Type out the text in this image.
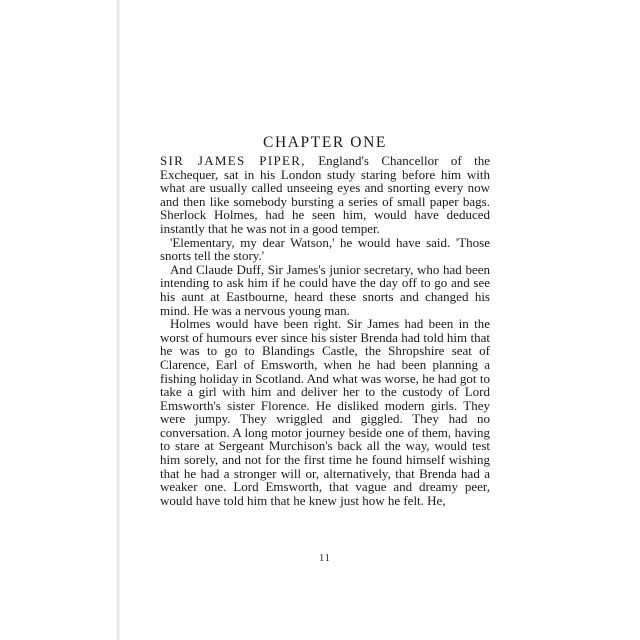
CHAPTER ONE

SIR JAMES PIPER, England's Chancellor of the Exchequer, sat in his London study staring before him with what are usually called unseeing eyes and snorting every now and then like somebody bursting a series of small paper bags. Sherlock Holmes, had he seen him, would have deduced instantly that he was not in a good temper.

'Elementary, my dear Watson,' he would have said. 'Those snorts tell the story.'

And Claude Duff, Sir James's junior secretary, who had been intending to ask him if he could have the day off to go and see his aunt at Eastbourne, heard these snorts and changed his mind. He was a nervous young man.

Holmes would have been right. Sir James had been in the worst of humours ever since his sister Brenda had told him that he was to go to Blandings Castle, the Shropshire seat of Clarence, Earl of Emsworth, when he had been planning a fishing holiday in Scotland. And what was worse, he had got to take a girl with him and deliver her to the custody of Lord Emsworth's sister Florence. He disliked modern girls. They were jumpy. They wriggled and giggled. They had no conversation. A long motor journey beside one of them, having to stare at Sergeant Murchison's back all the way, would test him sorely, and not for the first time he found himself wishing that he had a stronger will or, alternatively, that Brenda had a weaker one. Lord Emsworth, that vague and dreamy peer, would have told him that he knew just how he felt. He,

11
